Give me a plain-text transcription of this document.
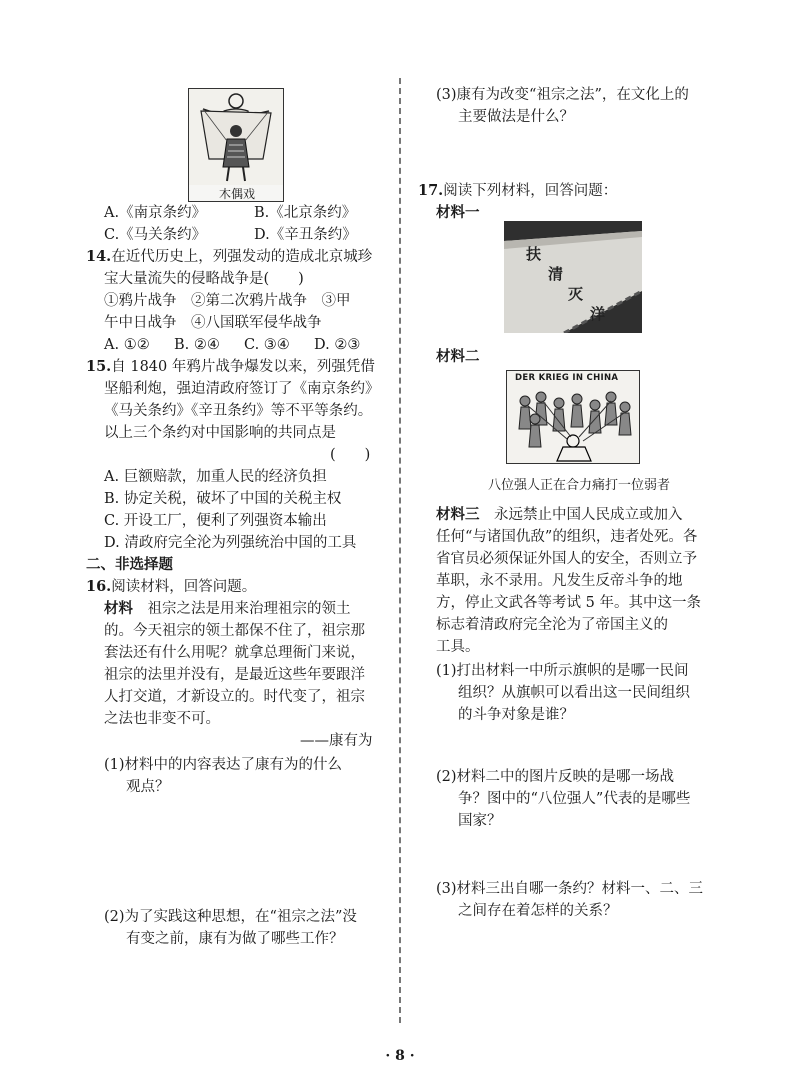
木偶戏
A.《南京条约》	B.《北京条约》
C.《马关条约》	D.《辛丑条约》
14.在近代历史上，列强发动的造成北京城珍
宝大量流失的侵略战争是(　　)
①鸦片战争　②第二次鸦片战争　③甲
午中日战争　④八国联军侵华战争
A. ①② B. ②④ C. ③④ D. ②③
15.自 1840 年鸦片战争爆发以来，列强凭借
坚船利炮，强迫清政府签订了《南京条约》
《马关条约》《辛丑条约》等不平等条约。
以上三个条约对中国影响的共同点是
(　　)
A. 巨额赔款，加重人民的经济负担
B. 协定关税，破坏了中国的关税主权
C. 开设工厂，便利了列强资本输出
D. 清政府完全沦为列强统治中国的工具
二、非选择题
16.阅读材料，回答问题。
材料　祖宗之法是用来治理祖宗的领土
的。今天祖宗的领土都保不住了，祖宗那
套法还有什么用呢？就拿总理衙门来说，
祖宗的法里并没有，是最近这些年要跟洋
人打交道，才新设立的。时代变了，祖宗
之法也非变不可。
——康有为
(1)材料中的内容表达了康有为的什么
观点？
(2)为了实践这种思想，在“祖宗之法”没
有变之前，康有为做了哪些工作？
(3)康有为改变“祖宗之法”，在文化上的
主要做法是什么？
17.阅读下列材料，回答问题：
材料一
扶
清
灭
洋
材料二
DER KRIEG IN CHINA
八位强人正在合力痛打一位弱者
材料三　永远禁止中国人民成立或加入
任何“与诸国仇敌”的组织，违者处死。各
省官员必须保证外国人的安全，否则立予
革职，永不录用。凡发生反帝斗争的地
方，停止文武各等考试 5 年。其中这一条
标志着清政府完全沦为了帝国主义的
工具。
(1)打出材料一中所示旗帜的是哪一民间
组织？从旗帜可以看出这一民间组织
的斗争对象是谁？
(2)材料二中的图片反映的是哪一场战
争？图中的“八位强人”代表的是哪些
国家？
(3)材料三出自哪一条约？材料一、二、三
之间存在着怎样的关系？
· 8 ·
